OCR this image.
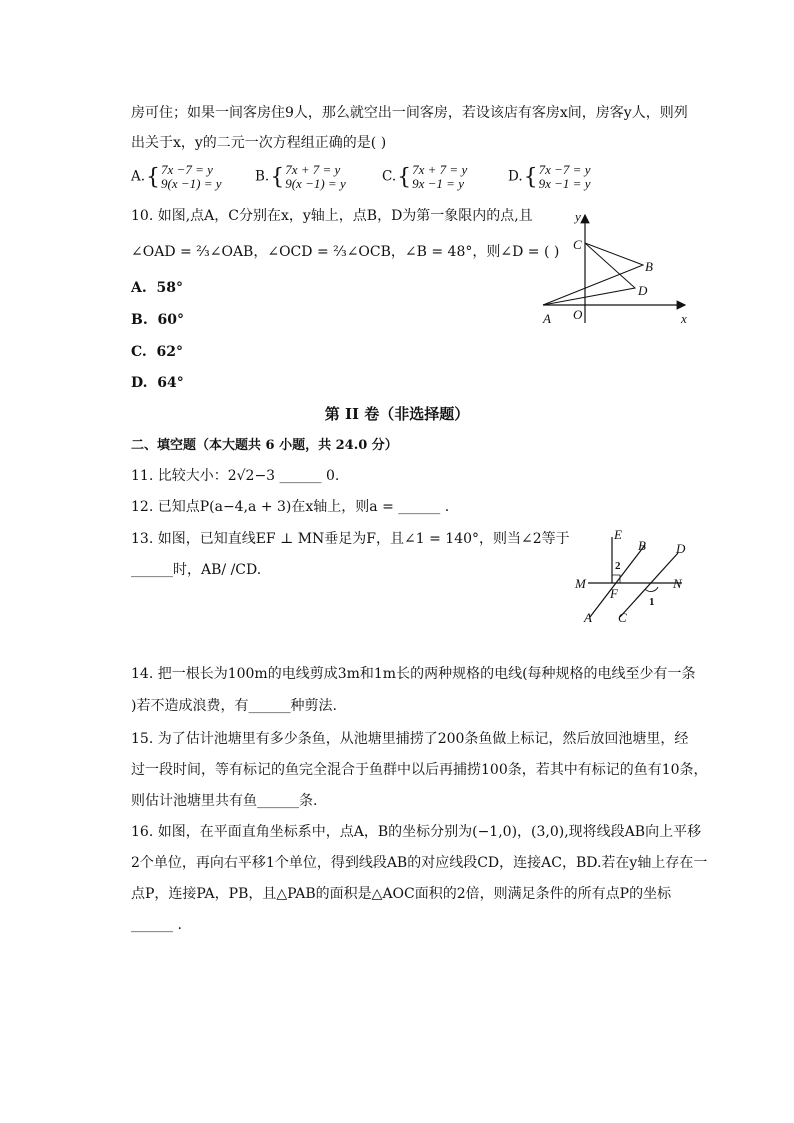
房可住；如果一间客房住9人，那么就空出一间客房，若设该店有客房x间，房客y人，则列
出关于x，y的二元一次方程组正确的是( )
A.{7x −7 = y
9(x −1) = y B.{7x + 7 = y
9(x −1) = y	C.{7x + 7 = y
9x −1 = y	D.{7x −7 = y
9x −1 = y
10. 如图,点A，C分别在x，y轴上，点B，D为第一象限内的点,且
∠OAD = ⅔∠OAB，∠OCD = ⅔∠OCB，∠B = 48°，则∠D = ( )
A. 58°
B. 60°
C. 62°
D. 64°
y
x
C
B
D
A O
第 II 卷（非选择题）
二、填空题（本大题共 6 小题，共 24.0 分）
11. 比较大小：2√2−3 ______ 0.
12. 已知点P(a−4,a + 3)在x轴上，则a = ______ .
13. 如图，已知直线EF ⊥ MN垂足为F，且∠1 = 140°，则当∠2等于
______时，AB/ /CD.
E
B D
M
F
N
A C
1
2
14. 把一根长为100m的电线剪成3m和1m长的两种规格的电线(每种规格的电线至少有一条
)若不造成浪费，有______种剪法.
15. 为了估计池塘里有多少条鱼，从池塘里捕捞了200条鱼做上标记，然后放回池塘里，经
过一段时间，等有标记的鱼完全混合于鱼群中以后再捕捞100条，若其中有标记的鱼有10条，
则估计池塘里共有鱼______条.
16. 如图，在平面直角坐标系中，点A，B的坐标分别为(−1,0)，(3,0),现将线段AB向上平移
2个单位，再向右平移1个单位，得到线段AB的对应线段CD，连接AC，BD.若在y轴上存在一
点P，连接PA，PB，且△PAB的面积是△AOC面积的2倍，则满足条件的所有点P的坐标
______ .
